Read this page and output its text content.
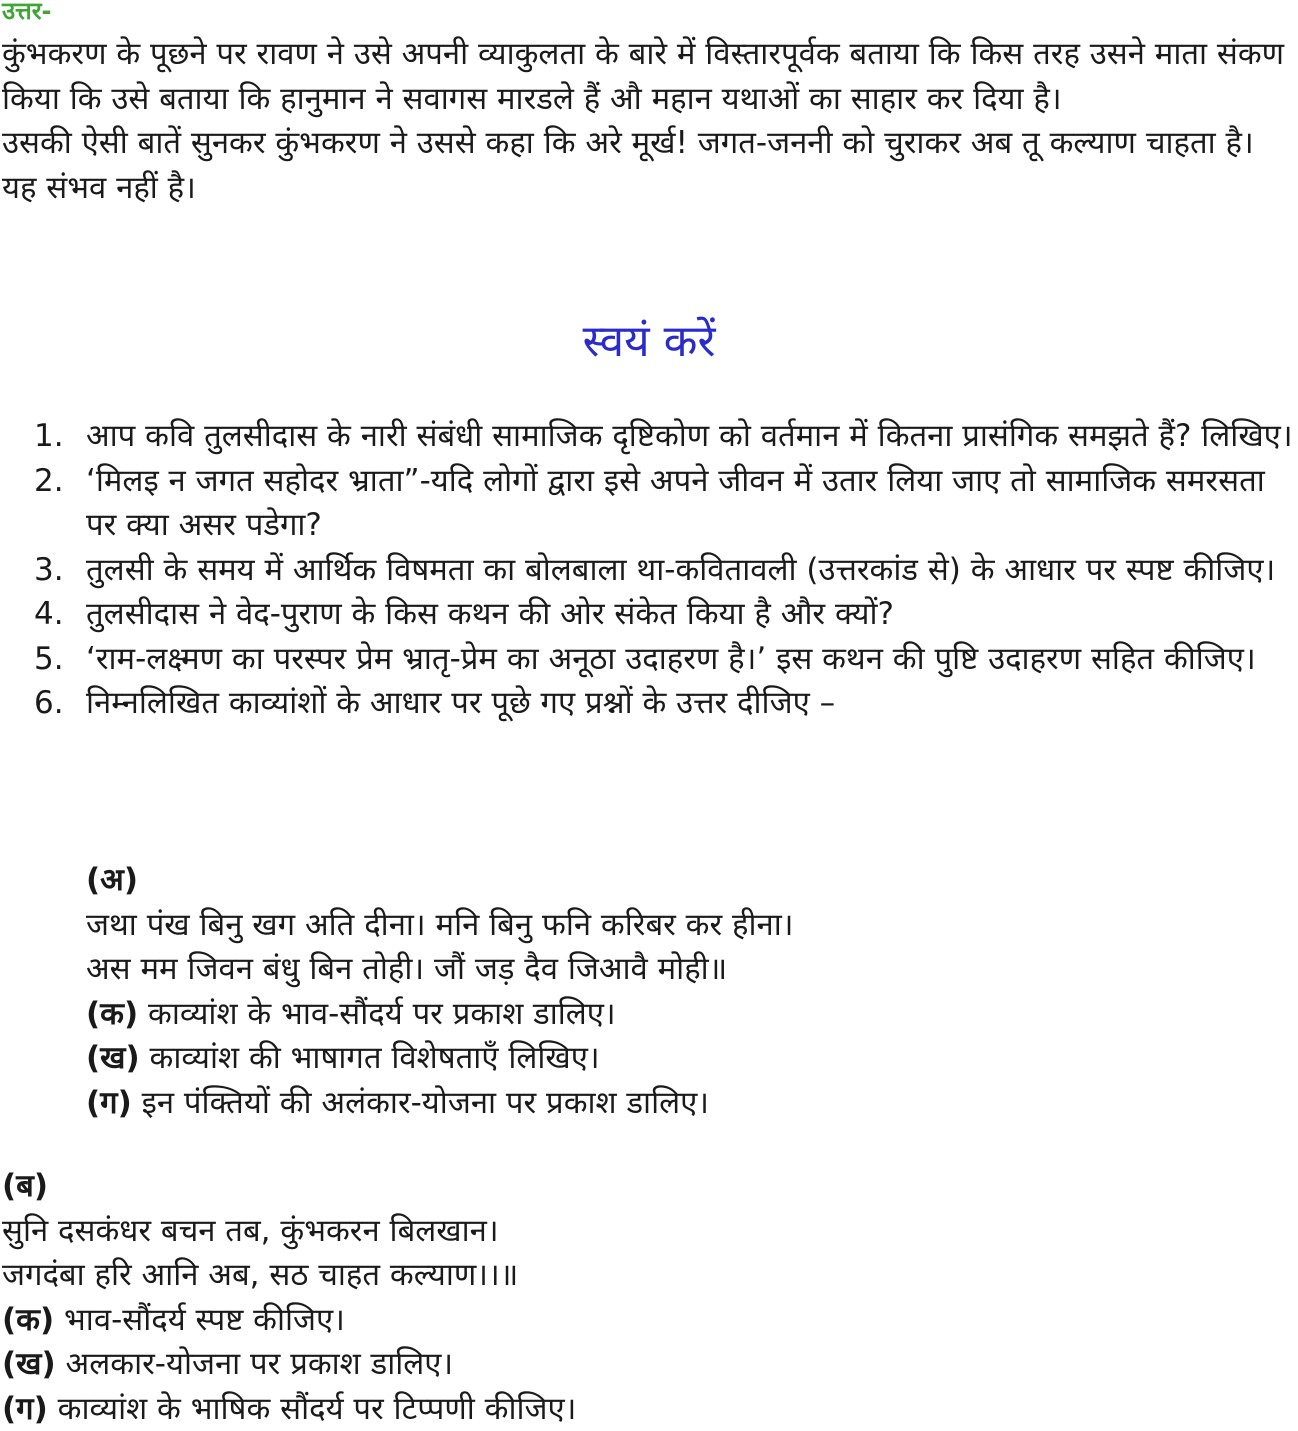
उत्तर-

कुंभकरण के पूछने पर रावण ने उसे अपनी व्याकुलता के बारे में विस्तारपूर्वक बताया कि किस तरह उसने माता संकण किया कि उसे बताया कि हानुमान ने सवागस मारडले हैं औ महान यथाओं का साहार कर दिया है।

उसकी ऐसी बातें सुनकर कुंभकरण ने उससे कहा कि अरे मूर्ख! जगत-जननी को चुराकर अब तू कल्याण चाहता है। यह संभव नहीं है।

स्वयं करें
1. आप कवि तुलसीदास के नारी संबंधी सामाजिक दृष्टिकोण को वर्तमान में कितना प्रासंगिक समझते हैं? लिखिए।
2. ‘मिलइ न जगत सहोदर भ्राता”-यदि लोगों द्वारा इसे अपने जीवन में उतार लिया जाए तो सामाजिक समरसता पर क्या असर पडेगा?
3. तुलसी के समय में आर्थिक विषमता का बोलबाला था-कवितावली (उत्तरकांड से) के आधार पर स्पष्ट कीजिए।
4. तुलसीदास ने वेद-पुराण के किस कथन की ओर संकेत किया है और क्यों?
5. ‘राम-लक्ष्मण का परस्पर प्रेम भ्रातृ-प्रेम का अनूठा उदाहरण है।’ इस कथन की पुष्टि उदाहरण सहित कीजिए।
6. निम्नलिखित काव्यांशों के आधार पर पूछे गए प्रश्नों के उत्तर दीजिए –
(अ)
जथा पंख बिनु खग अति दीना। मनि बिनु फनि करिबर कर हीना।
अस मम जिवन बंधु बिन तोही। जौं जड़ दैव जिआवै मोही॥
(क) काव्यांश के भाव-सौंदर्य पर प्रकाश डालिए।
(ख) काव्यांश की भाषागत विशेषताएँ लिखिए।
(ग) इन पंक्तियों की अलंकार-योजना पर प्रकाश डालिए।
(ब)
सुनि दसकंधर बचन तब, कुंभकरन बिलखान।
जगदंबा हरि आनि अब, सठ चाहत कल्याण।।॥
(क) भाव-सौंदर्य स्पष्ट कीजिए।
(ख) अलकार-योजना पर प्रकाश डालिए।
(ग) काव्यांश के भाषिक सौंदर्य पर टिप्पणी कीजिए।
